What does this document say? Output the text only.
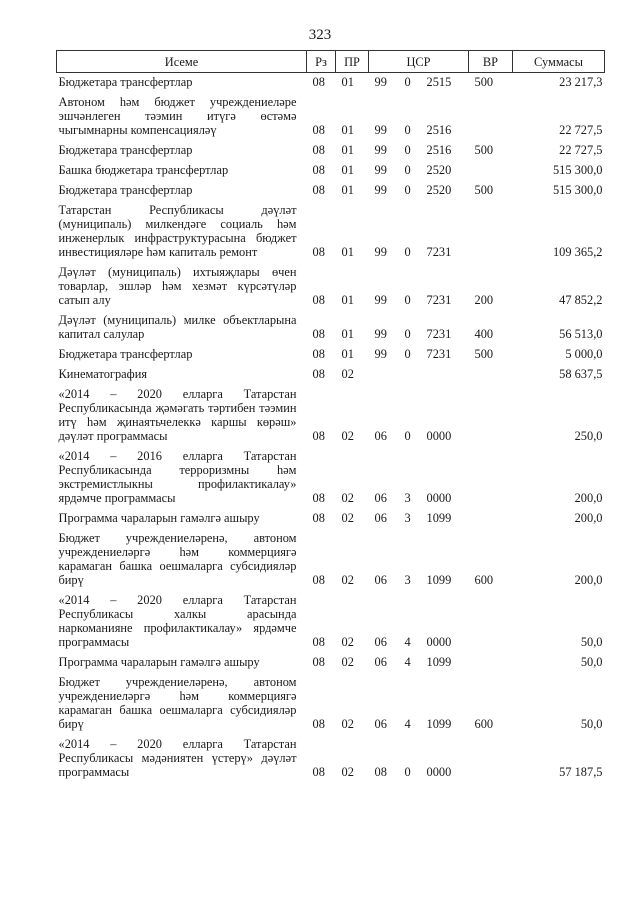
323
Исеме	Рз	ПР	ЦСР			ВР	Суммасы
Бюджетара трансфертлар	08	01	99	0	2515	500	23 217,3
Автоном һәм бюджет учреждениеләре эшчәнлеген тәэмин итүгә өстәмә чыгымнарны компенсацияләү	08	01	99	0	2516		22 727,5
Бюджетара трансфертлар	08	01	99	0	2516	500	22 727,5
Башка бюджетара трансфертлар	08	01	99	0	2520		515 300,0
Бюджетара трансфертлар	08	01	99	0	2520	500	515 300,0
Татарстан Республикасы дәүләт (муниципаль) милкендәге социаль һәм инженерлык инфраструктурасына бюджет инвестицияләре һәм капиталь ремонт	08	01	99	0	7231		109 365,2
Дәүләт (муниципаль) ихтыяҗлары өчен товарлар, эшләр һәм хезмәт күрсәтүләр сатып алу	08	01	99	0	7231	200	47 852,2
Дәүләт (муниципаль) милке объектларына капитал салулар	08	01	99	0	7231	400	56 513,0
Бюджетара трансфертлар	08	01	99	0	7231	500	5 000,0
Кинематография	08	02					58 637,5
«2014 – 2020 елларга Татарстан Республикасында җәмәгать тәртибен тәэмин итү һәм җинаятьчелеккә каршы көрәш» дәүләт программасы	08	02	06	0	0000		250,0
«2014 – 2016 елларга Татарстан Республикасында терроризмны һәм экстремистлыкны профилактикалау» ярдәмче программасы	08	02	06	3	0000		200,0
Программа чараларын гамәлгә ашыру	08	02	06	3	1099		200,0
Бюджет учреждениеләренә, автоном учреждениеләргә һәм коммерциягә карамаган башка оешмаларга субсидияләр бирү	08	02	06	3	1099	600	200,0
«2014 – 2020 елларга Татарстан Республикасы халкы арасында наркоманияне профилактикалау» ярдәмче программасы	08	02	06	4	0000		50,0
Программа чараларын гамәлгә ашыру	08	02	06	4	1099		50,0
Бюджет учреждениеләренә, автоном учреждениеләргә һәм коммерциягә карамаган башка оешмаларга субсидияләр бирү	08	02	06	4	1099	600	50,0
«2014 – 2020 елларга Татарстан Республикасы мәдәниятен үстерү» дәүләт программасы	08	02	08	0	0000		57 187,5
